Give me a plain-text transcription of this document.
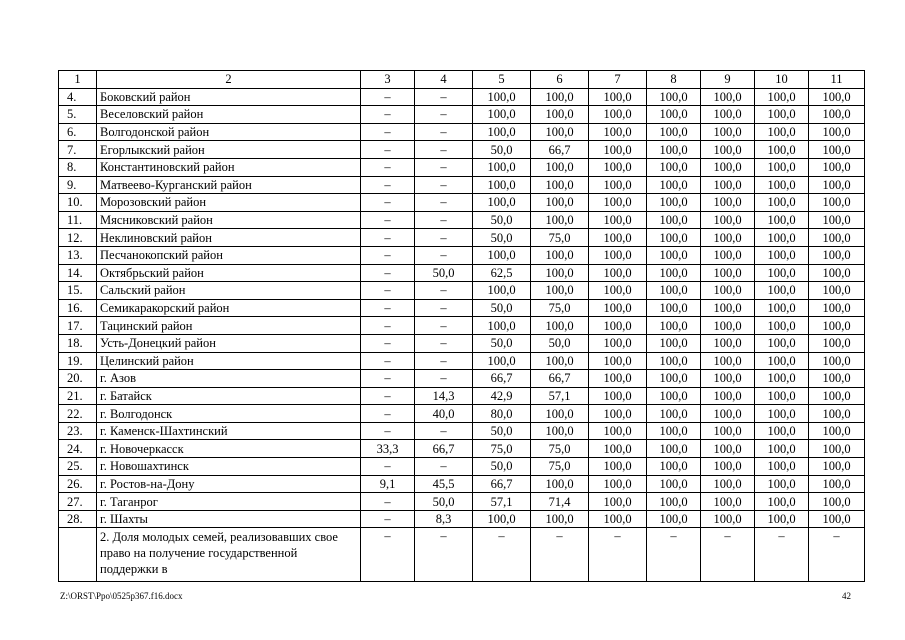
1	2	3	4	5	6	7	8	9	10	11
4.	Боковский район	–	–	100,0	100,0	100,0	100,0	100,0	100,0	100,0
5.	Веселовский район	–	–	100,0	100,0	100,0	100,0	100,0	100,0	100,0
6.	Волгодонской район	–	–	100,0	100,0	100,0	100,0	100,0	100,0	100,0
7.	Егорлыкский район	–	–	50,0	66,7	100,0	100,0	100,0	100,0	100,0
8.	Константиновский район	–	–	100,0	100,0	100,0	100,0	100,0	100,0	100,0
9.	Матвеево-Курганский район	–	–	100,0	100,0	100,0	100,0	100,0	100,0	100,0
10.	Морозовский район	–	–	100,0	100,0	100,0	100,0	100,0	100,0	100,0
11.	Мясниковский район	–	–	50,0	100,0	100,0	100,0	100,0	100,0	100,0
12.	Неклиновский район	–	–	50,0	75,0	100,0	100,0	100,0	100,0	100,0
13.	Песчанокопский район	–	–	100,0	100,0	100,0	100,0	100,0	100,0	100,0
14.	Октябрьский район	–	50,0	62,5	100,0	100,0	100,0	100,0	100,0	100,0
15.	Сальский район	–	–	100,0	100,0	100,0	100,0	100,0	100,0	100,0
16.	Семикаракорский район	–	–	50,0	75,0	100,0	100,0	100,0	100,0	100,0
17.	Тацинский район	–	–	100,0	100,0	100,0	100,0	100,0	100,0	100,0
18.	Усть-Донецкий район	–	–	50,0	50,0	100,0	100,0	100,0	100,0	100,0
19.	Целинский район	–	–	100,0	100,0	100,0	100,0	100,0	100,0	100,0
20.	г. Азов	–	–	66,7	66,7	100,0	100,0	100,0	100,0	100,0
21.	г. Батайск	–	14,3	42,9	57,1	100,0	100,0	100,0	100,0	100,0
22.	г. Волгодонск	–	40,0	80,0	100,0	100,0	100,0	100,0	100,0	100,0
23.	г. Каменск-Шахтинский	–	–	50,0	100,0	100,0	100,0	100,0	100,0	100,0
24.	г. Новочеркасск	33,3	66,7	75,0	75,0	100,0	100,0	100,0	100,0	100,0
25.	г. Новошахтинск	–	–	50,0	75,0	100,0	100,0	100,0	100,0	100,0
26.	г. Ростов-на-Дону	9,1	45,5	66,7	100,0	100,0	100,0	100,0	100,0	100,0
27.	г. Таганрог	–	50,0	57,1	71,4	100,0	100,0	100,0	100,0	100,0
28.	г. Шахты	–	8,3	100,0	100,0	100,0	100,0	100,0	100,0	100,0
	2. Доля молодых семей, реализовавших свое право на получение государственной поддержки в	–	–	–	–	–	–	–	–	–
Z:\ORST\Ppo\0525p367.f16.docx	42
